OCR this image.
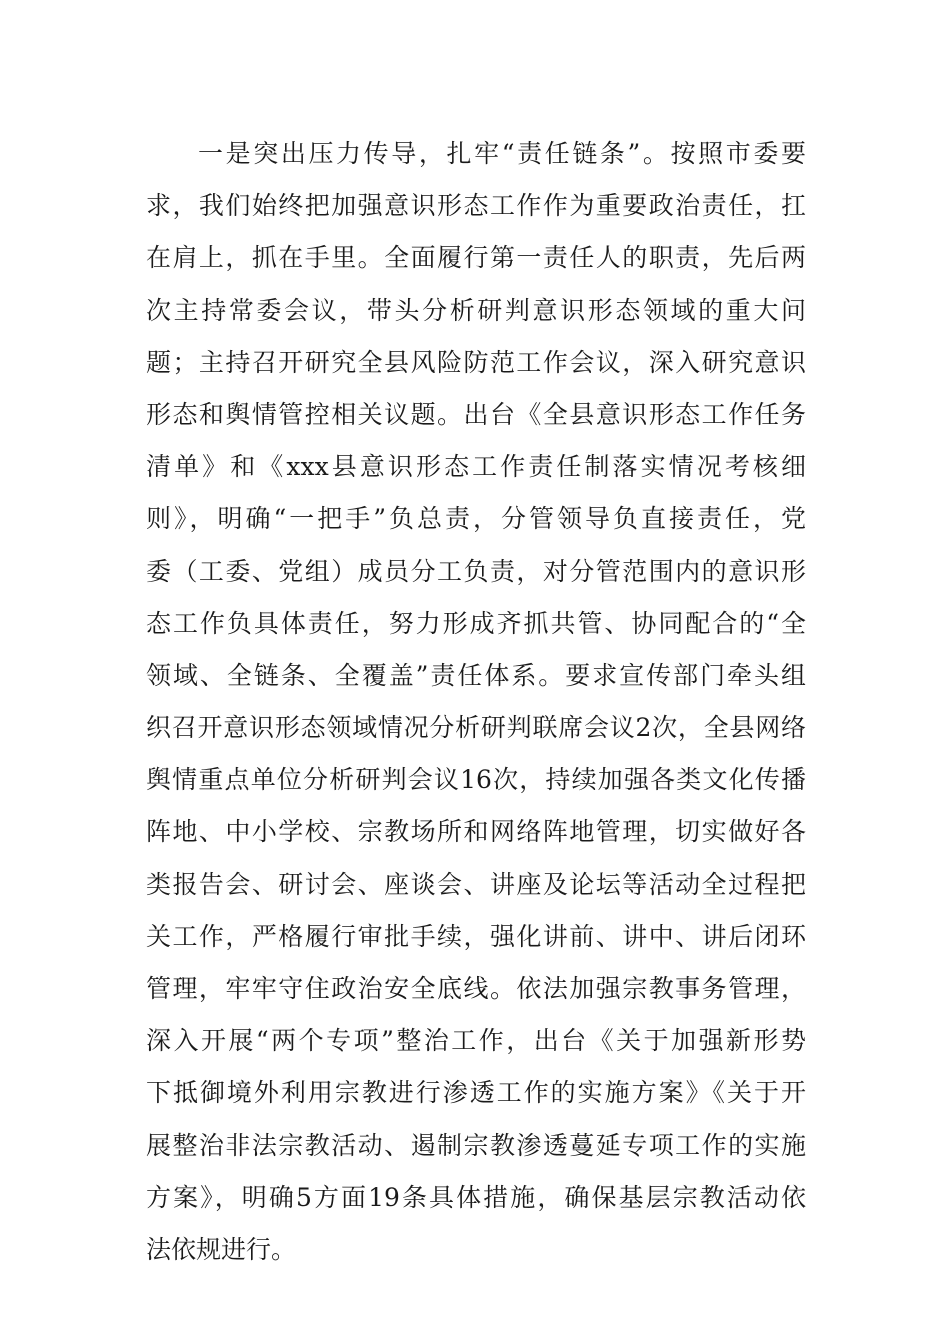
一是突出压力传导，扎牢“责任链条”。按照市委要
求，我们始终把加强意识形态工作作为重要政治责任，扛
在肩上，抓在手里。全面履行第一责任人的职责，先后两
次主持常委会议，带头分析研判意识形态领域的重大问
题；主持召开研究全县风险防范工作会议，深入研究意识
形态和舆情管控相关议题。出台《全县意识形态工作任务
清单》和《xxx县意识形态工作责任制落实情况考核细
则》，明确“一把手”负总责，分管领导负直接责任，党
委（工委、党组）成员分工负责，对分管范围内的意识形
态工作负具体责任，努力形成齐抓共管、协同配合的“全
领域、全链条、全覆盖”责任体系。要求宣传部门牵头组
织召开意识形态领域情况分析研判联席会议2次，全县网络
舆情重点单位分析研判会议16次，持续加强各类文化传播
阵地、中小学校、宗教场所和网络阵地管理，切实做好各
类报告会、研讨会、座谈会、讲座及论坛等活动全过程把
关工作，严格履行审批手续，强化讲前、讲中、讲后闭环
管理，牢牢守住政治安全底线。依法加强宗教事务管理，
深入开展“两个专项”整治工作，出台《关于加强新形势
下抵御境外利用宗教进行渗透工作的实施方案》《关于开
展整治非法宗教活动、遏制宗教渗透蔓延专项工作的实施
方案》，明确5方面19条具体措施，确保基层宗教活动依
法依规进行。
